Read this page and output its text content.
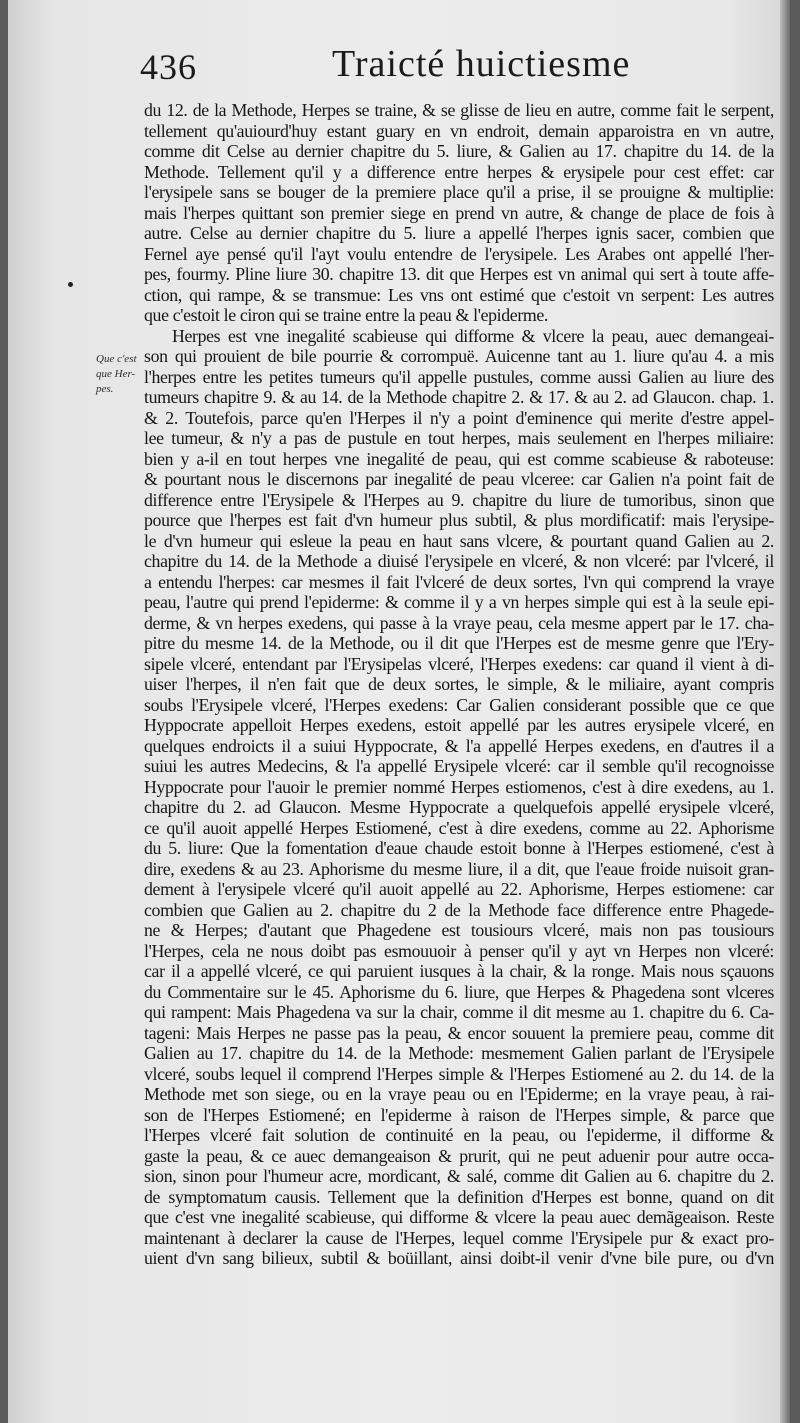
436	Traicté huictiesme
Que c'est
que Her-
pes.
du 12. de la Methode, Herpes se traine, & se glisse de lieu en autre, comme fait le serpent,
tellement qu'auiourd'huy estant guary en vn endroit, demain apparoistra en vn autre,
comme dit Celse au dernier chapitre du 5. liure, & Galien au 17. chapitre du 14. de la
Methode. Tellement qu'il y a difference entre herpes & erysipele pour cest effet: car
l'erysipele sans se bouger de la premiere place qu'il a prise, il se prouigne & multiplie:
mais l'herpes quittant son premier siege en prend vn autre, & change de place de fois à
autre. Celse au dernier chapitre du 5. liure a appellé l'herpes ignis sacer, combien que
Fernel aye pensé qu'il l'ayt voulu entendre de l'erysipele. Les Arabes ont appellé l'her-
pes, fourmy. Pline liure 30. chapitre 13. dit que Herpes est vn animal qui sert à toute affe-
ction, qui rampe, & se transmue: Les vns ont estimé que c'estoit vn serpent: Les autres
que c'estoit le ciron qui se traine entre la peau & l'epiderme.
Herpes est vne inegalité scabieuse qui difforme & vlcere la peau, auec demangeai-
son qui prouient de bile pourrie & corrompuë. Auicenne tant au 1. liure qu'au 4. a mis
l'herpes entre les petites tumeurs qu'il appelle pustules, comme aussi Galien au liure des
tumeurs chapitre 9. & au 14. de la Methode chapitre 2. & 17. & au 2. ad Glaucon. chap. 1.
& 2. Toutefois, parce qu'en l'Herpes il n'y a point d'eminence qui merite d'estre appel-
lee tumeur, & n'y a pas de pustule en tout herpes, mais seulement en l'herpes miliaire:
bien y a-il en tout herpes vne inegalité de peau, qui est comme scabieuse & raboteuse:
& pourtant nous le discernons par inegalité de peau vlceree: car Galien n'a point fait de
difference entre l'Erysipele & l'Herpes au 9. chapitre du liure de tumoribus, sinon que
pource que l'herpes est fait d'vn humeur plus subtil, & plus mordificatif: mais l'erysipe-
le d'vn humeur qui esleue la peau en haut sans vlcere, & pourtant quand Galien au 2.
chapitre du 14. de la Methode a diuisé l'erysipele en vlceré, & non vlceré: par l'vlceré, il
a entendu l'herpes: car mesmes il fait l'vlceré de deux sortes, l'vn qui comprend la vraye
peau, l'autre qui prend l'epiderme: & comme il y a vn herpes simple qui est à la seule epi-
derme, & vn herpes exedens, qui passe à la vraye peau, cela mesme appert par le 17. cha-
pitre du mesme 14. de la Methode, ou il dit que l'Herpes est de mesme genre que l'Ery-
sipele vlceré, entendant par l'Erysipelas vlceré, l'Herpes exedens: car quand il vient à di-
uiser l'herpes, il n'en fait que de deux sortes, le simple, & le miliaire, ayant compris
soubs l'Erysipele vlceré, l'Herpes exedens: Car Galien considerant possible que ce que
Hyppocrate appelloit Herpes exedens, estoit appellé par les autres erysipele vlceré, en
quelques endroicts il a suiui Hyppocrate, & l'a appellé Herpes exedens, en d'autres il a
suiui les autres Medecins, & l'a appellé Erysipele vlceré: car il semble qu'il recognoisse
Hyppocrate pour l'auoir le premier nommé Herpes estiomenos, c'est à dire exedens, au 1.
chapitre du 2. ad Glaucon. Mesme Hyppocrate a quelquefois appellé erysipele vlceré,
ce qu'il auoit appellé Herpes Estiomené, c'est à dire exedens, comme au 22. Aphorisme
du 5. liure: Que la fomentation d'eaue chaude estoit bonne à l'Herpes estiomené, c'est à
dire, exedens & au 23. Aphorisme du mesme liure, il a dit, que l'eaue froide nuisoit gran-
dement à l'erysipele vlceré qu'il auoit appellé au 22. Aphorisme, Herpes estiomene: car
combien que Galien au 2. chapitre du 2 de la Methode face difference entre Phagede-
ne & Herpes; d'autant que Phagedene est tousiours vlceré, mais non pas tousiours
l'Herpes, cela ne nous doibt pas esmouuoir à penser qu'il y ayt vn Herpes non vlceré:
car il a appellé vlceré, ce qui paruient iusques à la chair, & la ronge. Mais nous sçauons
du Commentaire sur le 45. Aphorisme du 6. liure, que Herpes & Phagedena sont vlceres
qui rampent: Mais Phagedena va sur la chair, comme il dit mesme au 1. chapitre du 6. Ca-
tageni: Mais Herpes ne passe pas la peau, & encor souuent la premiere peau, comme dit
Galien au 17. chapitre du 14. de la Methode: mesmement Galien parlant de l'Erysipele
vlceré, soubs lequel il comprend l'Herpes simple & l'Herpes Estiomené au 2. du 14. de la
Methode met son siege, ou en la vraye peau ou en l'Epiderme; en la vraye peau, à rai-
son de l'Herpes Estiomené; en l'epiderme à raison de l'Herpes simple, & parce que
l'Herpes vlceré fait solution de continuité en la peau, ou l'epiderme, il difforme &
gaste la peau, & ce auec demangeaison & prurit, qui ne peut aduenir pour autre occa-
sion, sinon pour l'humeur acre, mordicant, & salé, comme dit Galien au 6. chapitre du 2.
de symptomatum causis. Tellement que la definition d'Herpes est bonne, quand on dit
que c'est vne inegalité scabieuse, qui difforme & vlcere la peau auec demãgeaison. Reste
maintenant à declarer la cause de l'Herpes, lequel comme l'Erysipele pur & exact pro-
uient d'vn sang bilieux, subtil & boüillant, ainsi doibt-il venir d'vne bile pure, ou d'vn
